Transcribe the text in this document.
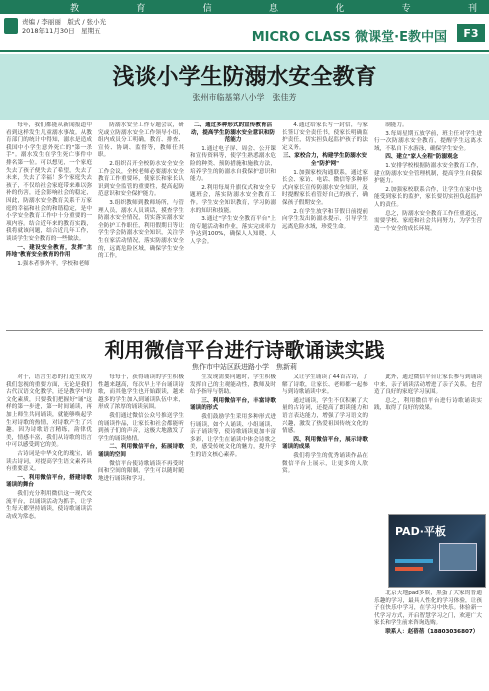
教	育	信	息	化	专	刊
责编 / 李丽丽　版式 / 张小光
2018年11月30日　星期五	MICRO CLASS 微课堂·E教中国	F3
浅谈小学生防溺水安全教育
张州市临基第八小学　张佳芳

每年，我们都能从新闻报道中看到这样发生儿童溺水事故。从教育部门的统计中得知，溺水是造成我国中小学生意外死亡的"第一杀手"。溺水发生在学生死亡事件中排名第一位。可以想见，一个家庭失去了孩子便失去了希望，失去了未来，失去了幸福！多个家庭失去孩子，不仅给社会家庭带来难以弥补的伤害，还会影响社会的稳定，因此，防溺水安全教育关系千万家庭的幸福和社会的和谐稳定，是中小学安全教育工作中十分重要的一项内容。结合近年来的教育实践，我将就该问题，结合近几年工作，谈谈学生安全教育的一些做法。

一、建设安全教育，发挥"主阵地"教育安全教育的作用

1.强本者事外平，学校和老师

防溺水安全工作专题会议，研究或立防溺水安全工作领导小组，组内成员分工明确，教育、排查、宣传、协调、监督等，教师任其职。

2.组织召开全校防水安全安全工作会议，全校老师必要溺水安全教育工作重要环，使家长和家长认识到安全监管的重要性，提高起防范意识和安全保护能力。

3.组织教师到教师场所，与管理人员，溺水人员谈话，摸查学生防溺水安全情况，切实落实溺水安全防护工作职任，利用假期日等让学生学会防溺水安全知识，关注学生在家活动情况，落实防溺水安全的，远离危险区域，确保学生安全的工作。

二、通过多种形式的宣传教育活动，提高学生防溺水安全意识和防范能力

1.通过电子屏、周会、公开课和宣传资料等，使学生熟悉溺水危险的种类、预防措施和施救方法，培养学生的防溺水自我保护意识和能力。

2.利用每周升旗仪式和安全专题班会，落实防溺水安全教育工作。学生安全知识教育，学习防溺水的知识和技能。

3.通过"学生安全教育平台"上的专题活动和作业，落实完成率力争达到100%，确保人人知晓、人人学会。

4.通过给家长写一封信，与家长签订安全责任书，使家长明确监护责任，切实担负起监护孩子的法定义务。

三、家校合力，构建学生防溺水安全"防护网"

1.加强家校沟通联系，通过家长会、家访、电话、微信等多种形式向家长宣传防溺水安全知识，及时提醒家长看管好自己的孩子，确保孩子假期安全。

2.在学生放学和节假日前提前向学生发出防溺水提示，引导学生远离危险水域，珍爱生命。

制能力。

3.每周星期五放学前，班主任对学生进行一次防溺水安全教育，提醒学生远离水域，不私自下水游泳，确保学生安全。

四、建立"家人全程"防溺观念

1.安排学校根据防溺水安全教育工作，建立防溺水安全管理机制，提高学生自我保护能力。

2.加强家校联系合作，让学生在家中也能受到家长的监护，家长要切实担负起监护人的责任。

总之，防溺水安全教育工作任重道远，需要学校、家庭和社会共同努力，为学生营造一个安全的成长环境。

利用微信平台进行诗歌诵读实践
焦作市中站区跃进路小学　焦新莉

对于，语言生态的打造生成为我们忽视的重要方面，无论是我们古代汉语文化教学，还是教学中的文化素质，只要我们把握好"诵"这样的第一步进，第一时间诵读，再加上师生共同诵读，就能够唤起学生对诗歌的热情，对诗歌产生了兴趣。因为诗歌语言精练，韵律优美，情感丰富，我们从诗歌的语言中可以感受到它的美。

古诗词是中华文化的瑰宝，诵读古诗词，对提高学生语文素养具有重要意义。

一、利用微信平台，搭建诗歌诵读的舞台

我们充分利用微信这一现代交流平台，以诵读活动为抓手，让学生每天都坚持诵读，使诗歌诵读活动成为常态。

每每于，获得诵读的学生积极性越来越高，每次早上平台诵读诗歌，而其他学生也开始跟读，越来越多的学生加入到诵读队伍中来，形成了浓厚的诵读氛围。

我们通过微信公众号推送学生的诵读作品，让家长和社会都能听到孩子们的声音，这极大地激发了学生的诵读热情。

二、利用微信平台，拓展诗歌诵读的空间

微信平台使诗歌诵读不再受时间和空间的限制，学生可以随时随地进行诵读和学习。

生发现需要问题时，学生积极发挥自己的主观能动性，教师及时给予指导与帮助。

三、利用微信平台，丰富诗歌诵读的形式

我们鼓励学生采用多种形式进行诵读，如个人诵读、小组诵读、亲子诵读等，使诗歌诵读更加丰富多彩，让学生在诵读中体会诗歌之美，感受传统文化的魅力，提升学生的语文核心素养。

又让学生诵读了44首古诗，了解了诗歌，让家长、老师都一起参与到诗歌诵读中来。

通过诵读，学生不仅积累了大量的古诗词，还提高了朗读能力和语言表达能力，增强了学习语文的兴趣，激发了热爱祖国传统文化的情感。

四、利用微信平台，展示诗歌诵读的成果

我们将学生的优秀诵读作品在微信平台上展示，让更多的人欣赏。

此外，通过微信平台让家长参与到诵读中来，亲子诵读活动增进了亲子关系，也营造了良好的家庭学习氛围。

总之，利用微信平台进行诗歌诵读实践，取得了良好的效果。

PAD·平板

北京天地pad多娱，黑蛋了大家的普通乐趣的学习，最具人性化的学习体验，让孩子在快乐中学习，在学习中快乐。体验新一代学习方式，开启智慧学习之门，欢迎广大家长和学生前来咨询选购。

联系人：赵蓓蓓（18803036807）
